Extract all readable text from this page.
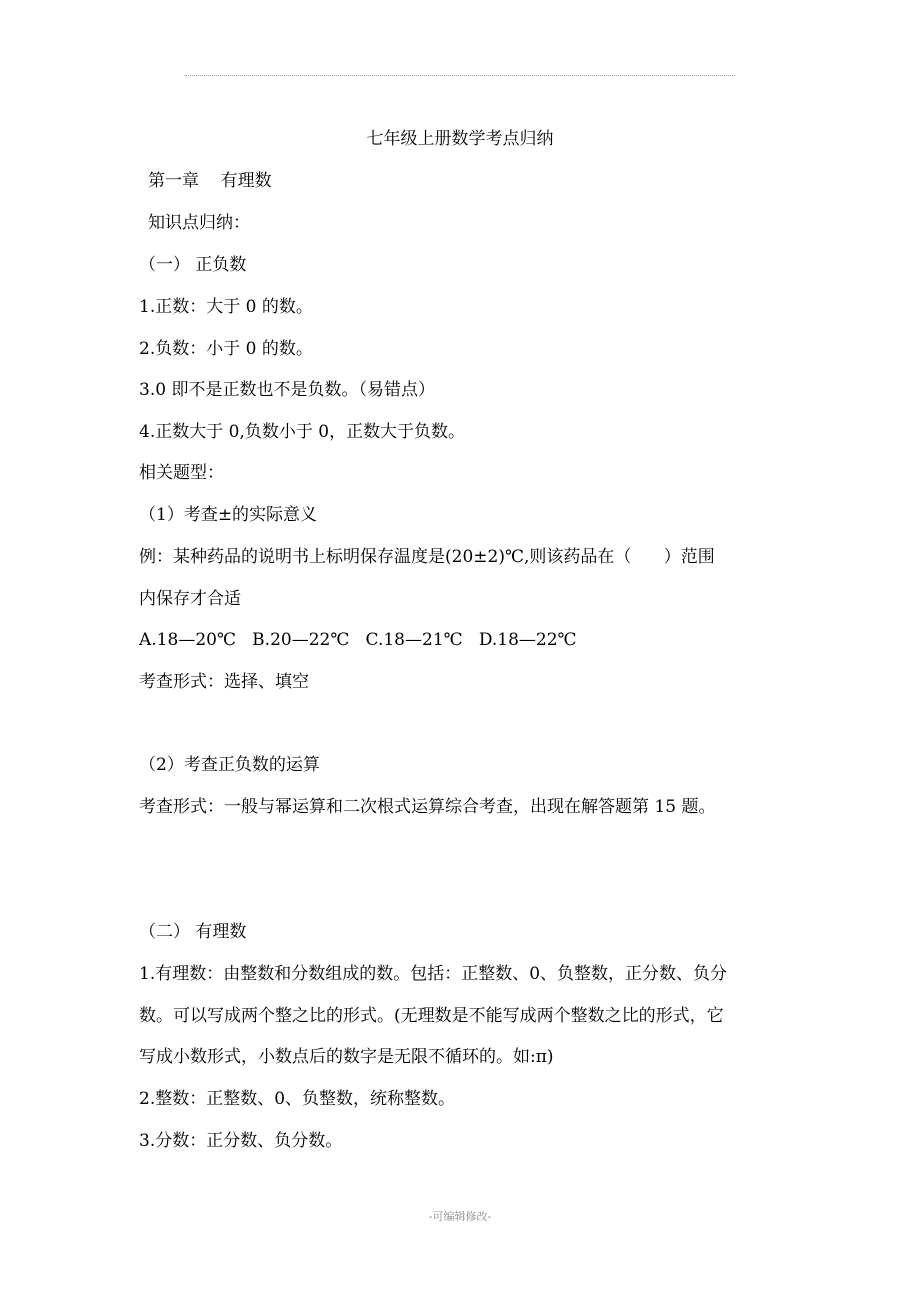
七年级上册数学考点归纳
第一章    有理数
知识点归纳：
（一） 正负数
1.正数：大于 0 的数。
2.负数：小于 0 的数。
3.0 即不是正数也不是负数。（易错点）
4.正数大于 0,负数小于 0，正数大于负数。
相关题型：
（1）考查±的实际意义
例：某种药品的说明书上标明保存温度是(20±2)℃,则该药品在（      ）范围
内保存才合适
A.18—20℃   B.20—22℃   C.18—21℃   D.18—22℃
考查形式：选择、填空
（2）考查正负数的运算
考查形式：一般与幂运算和二次根式运算综合考查，出现在解答题第 15 题。
（二） 有理数
1.有理数：由整数和分数组成的数。包括：正整数、0、负整数，正分数、负分
数。可以写成两个整之比的形式。(无理数是不能写成两个整数之比的形式，它
写成小数形式，小数点后的数字是无限不循环的。如:π)
2.整数：正整数、0、负整数，统称整数。
3.分数：正分数、负分数。
-可编辑修改-
